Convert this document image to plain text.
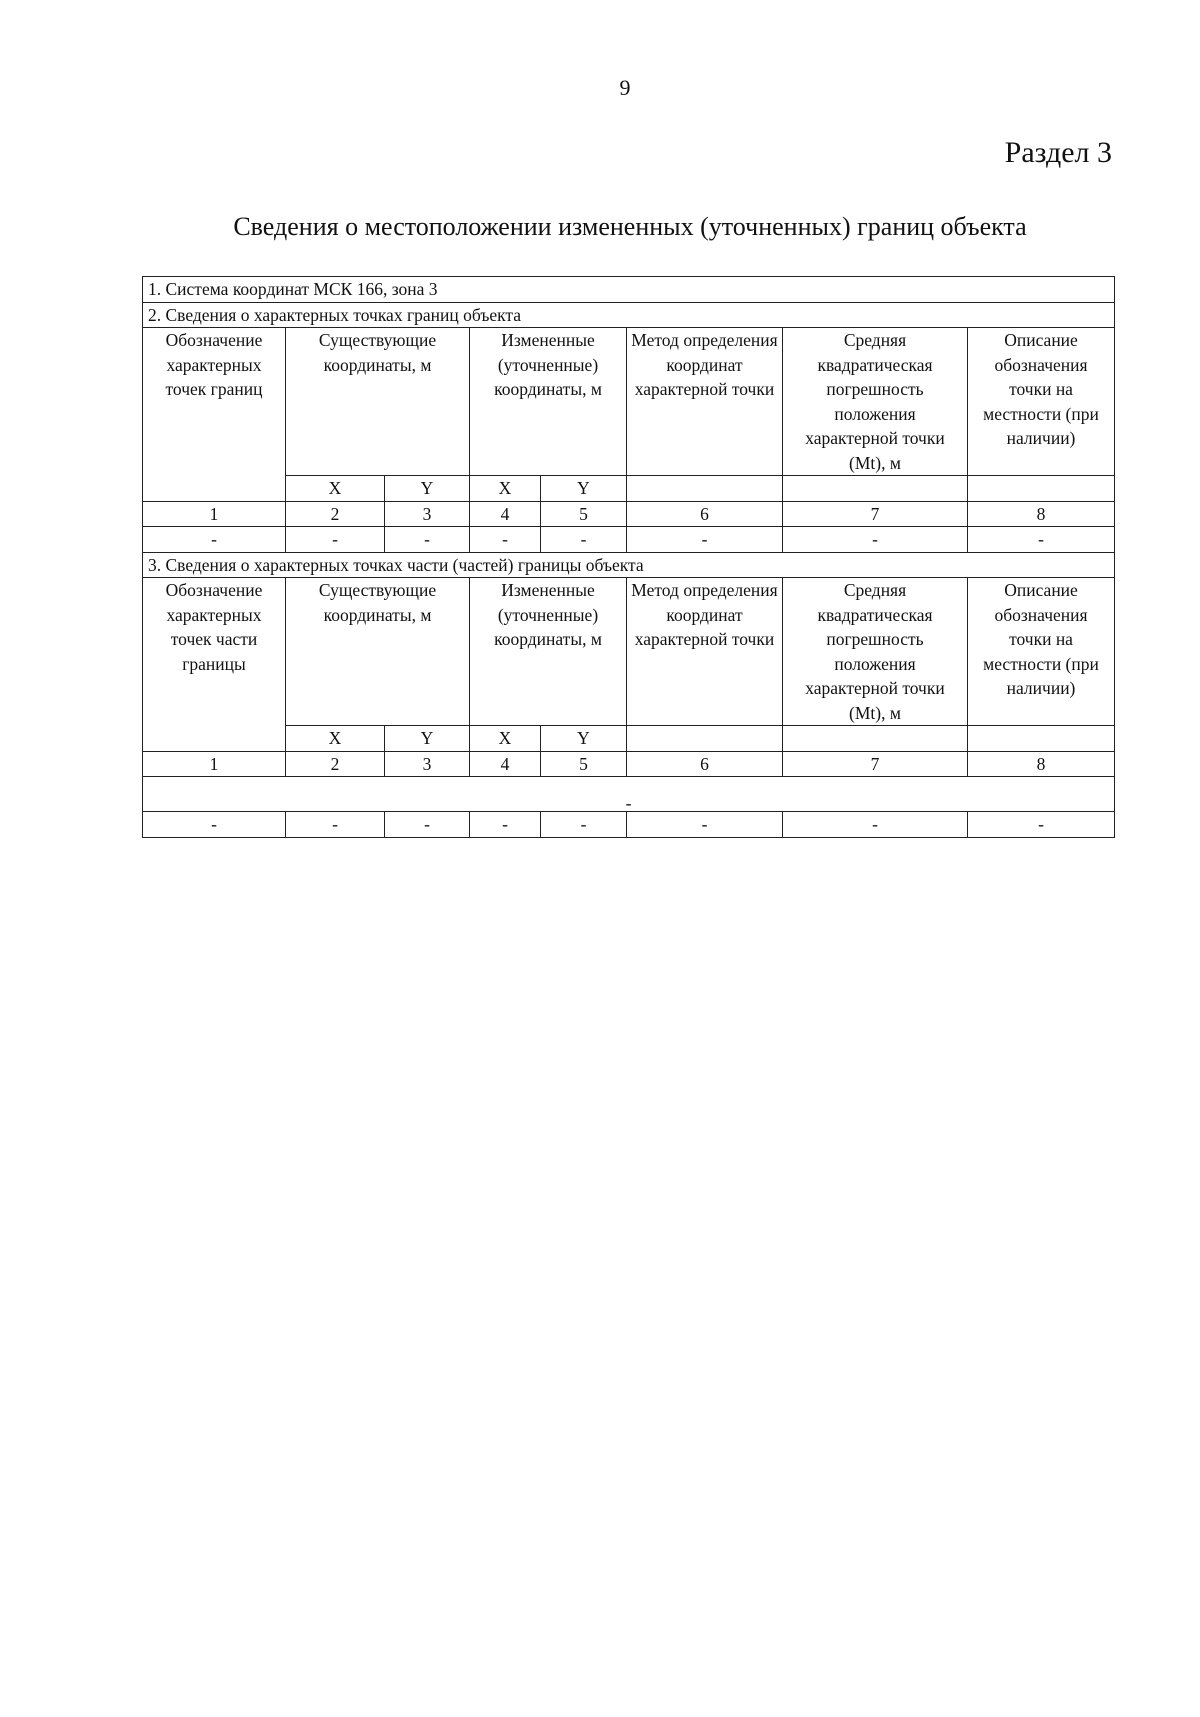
9
Раздел 3
Сведения о местоположении измененных (уточненных) границ объекта
1. Система координат МСК 166, зона 3							
2. Сведения о характерных точках границ объекта							
Обозначение характерных точек границ	Существующие координаты, м		Измененные (уточненные) координаты, м		Метод определения координат характерной точки	Средняя квадратическая погрешность положения характерной точки (Mt), м	Описание обозначения точки на местности (при наличии)
	X	Y	X	Y			
1	2	3	4	5	6	7	8
-	-	-	-	-	-	-	-
3. Сведения о характерных точках части (частей) границы объекта							
Обозначение характерных точек части границы	Существующие координаты, м		Измененные (уточненные) координаты, м		Метод определения координат характерной точки	Средняя квадратическая погрешность положения характерной точки (Mt), м	Описание обозначения точки на местности (при наличии)
	X	Y	X	Y			
1	2	3	4	5	6	7	8
-							
-	-	-	-	-	-	-	-
